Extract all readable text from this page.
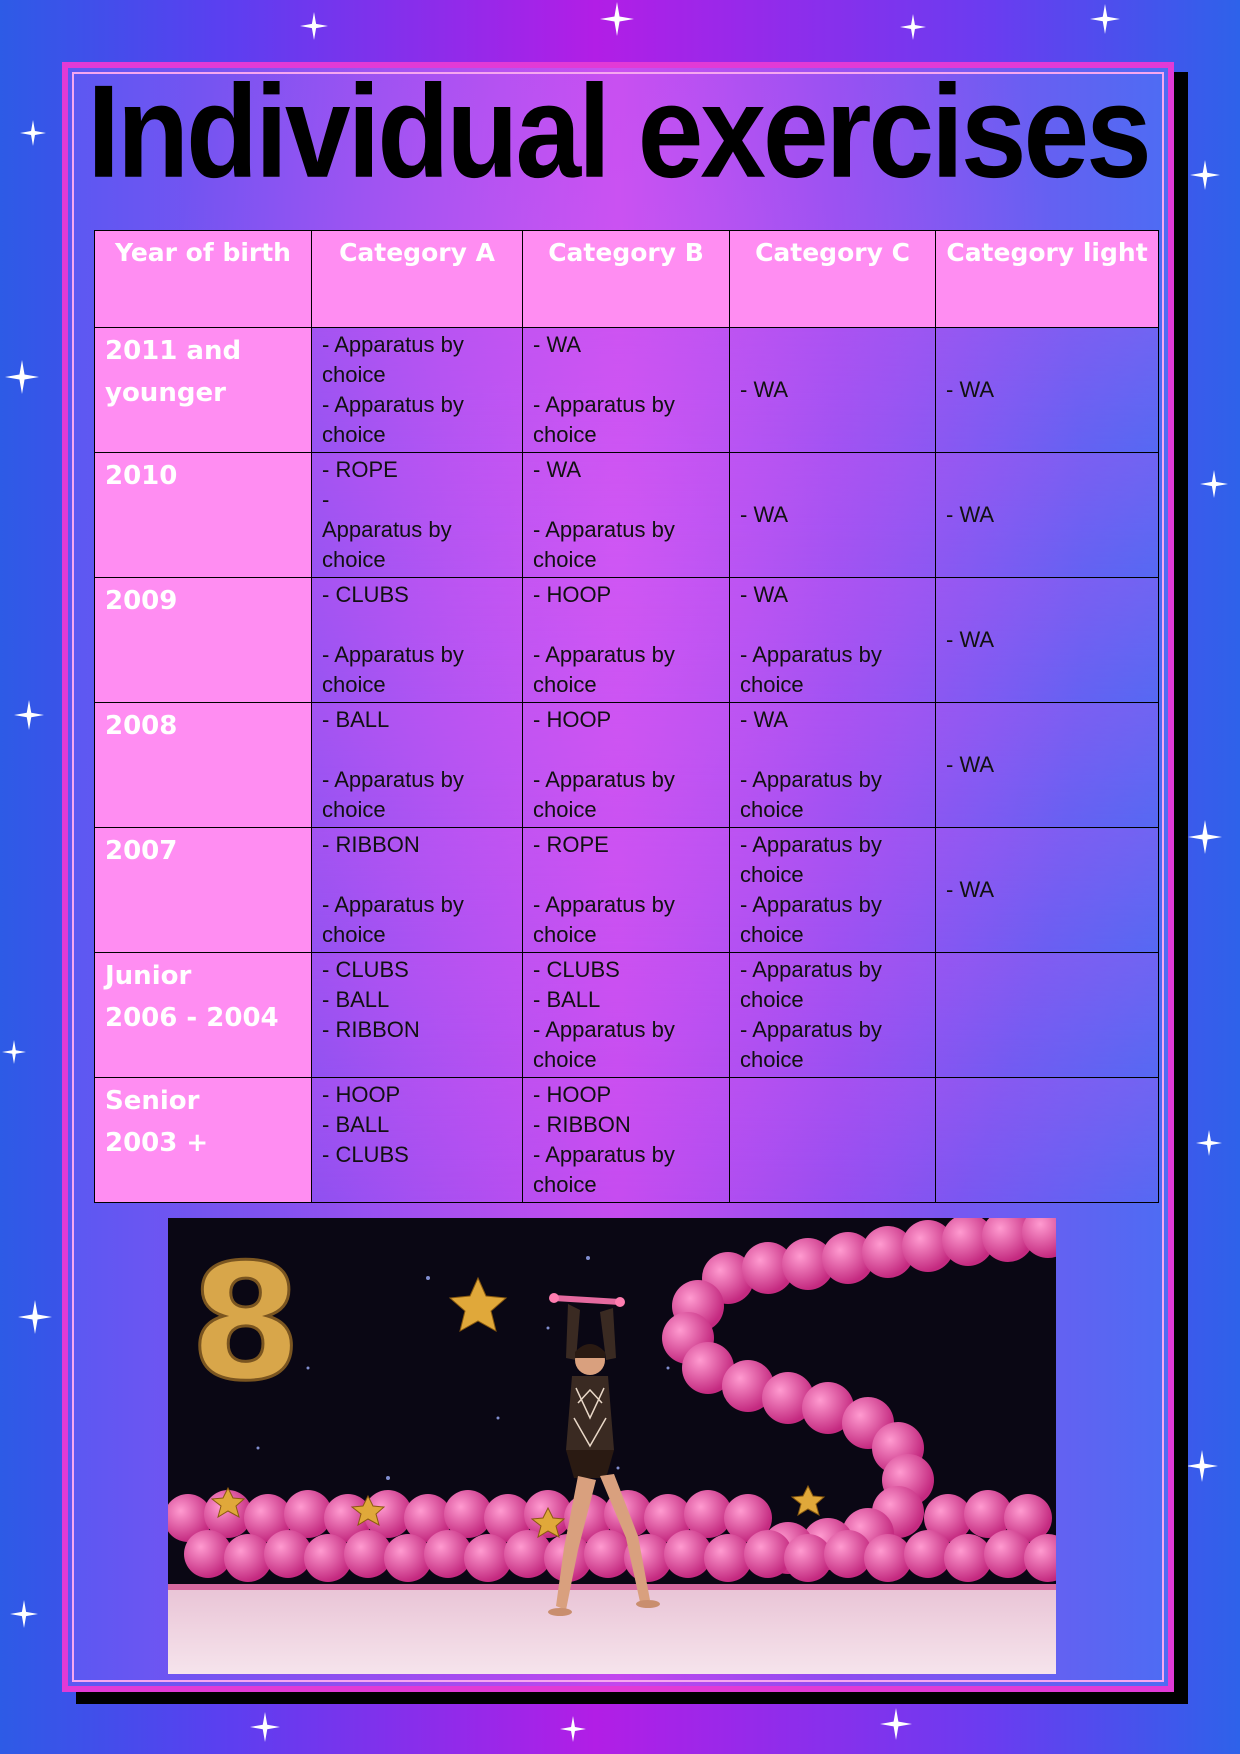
Individual exercises
Year of birth	Category A	Category B	Category C	Category light
2011 and
younger	- Apparatus by
choice
- Apparatus by
choice	- WA

- Apparatus by
choice	- WA	- WA
2010	- ROPE
-
Apparatus by
choice	- WA

- Apparatus by
choice	- WA	- WA
2009	- CLUBS

- Apparatus by
choice	- HOOP

- Apparatus by
choice	- WA

- Apparatus by
choice	- WA
2008	- BALL

- Apparatus by
choice	- HOOP

- Apparatus by
choice	- WA

- Apparatus by
choice	- WA
2007	- RIBBON

- Apparatus by
choice	- ROPE

- Apparatus by
choice	- Apparatus by
choice
- Apparatus by
choice	- WA
Junior
2006 - 2004	- CLUBS
- BALL
- RIBBON	- CLUBS
- BALL
- Apparatus by
choice	- Apparatus by
choice
- Apparatus by
choice	
Senior
2003 +	- HOOP
- BALL
- CLUBS	- HOOP
- RIBBON
- Apparatus by
choice		
8
